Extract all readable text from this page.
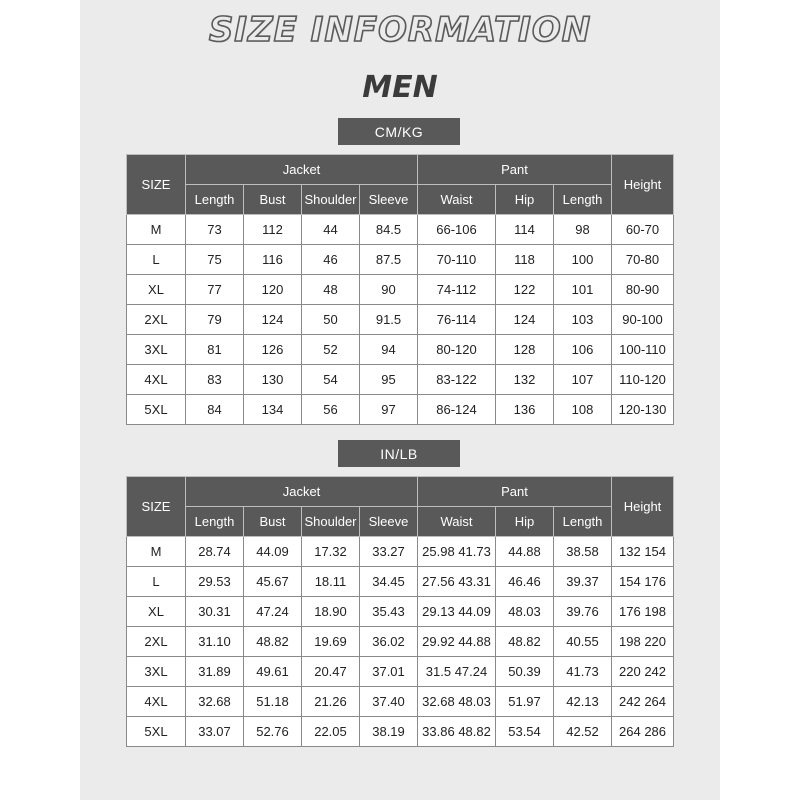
SIZE INFORMATION
MEN
CM/KG
SIZE	Jacket				Pant			Height
	Length	Bust	Shoulder	Sleeve	Waist	Hip	Length	
M	73	112	44	84.5	66-106	114	98	60-70
L	75	116	46	87.5	70-110	118	100	70-80
XL	77	120	48	90	74-112	122	101	80-90
2XL	79	124	50	91.5	76-114	124	103	90-100
3XL	81	126	52	94	80-120	128	106	100-110
4XL	83	130	54	95	83-122	132	107	110-120
5XL	84	134	56	97	86-124	136	108	120-130
IN/LB
SIZE	Jacket				Pant			Height
	Length	Bust	Shoulder	Sleeve	Waist	Hip	Length	
M	28.74	44.09	17.32	33.27	25.98 41.73	44.88	38.58	132 154
L	29.53	45.67	18.11	34.45	27.56 43.31	46.46	39.37	154 176
XL	30.31	47.24	18.90	35.43	29.13 44.09	48.03	39.76	176 198
2XL	31.10	48.82	19.69	36.02	29.92 44.88	48.82	40.55	198 220
3XL	31.89	49.61	20.47	37.01	31.5 47.24	50.39	41.73	220 242
4XL	32.68	51.18	21.26	37.40	32.68 48.03	51.97	42.13	242 264
5XL	33.07	52.76	22.05	38.19	33.86 48.82	53.54	42.52	264 286
